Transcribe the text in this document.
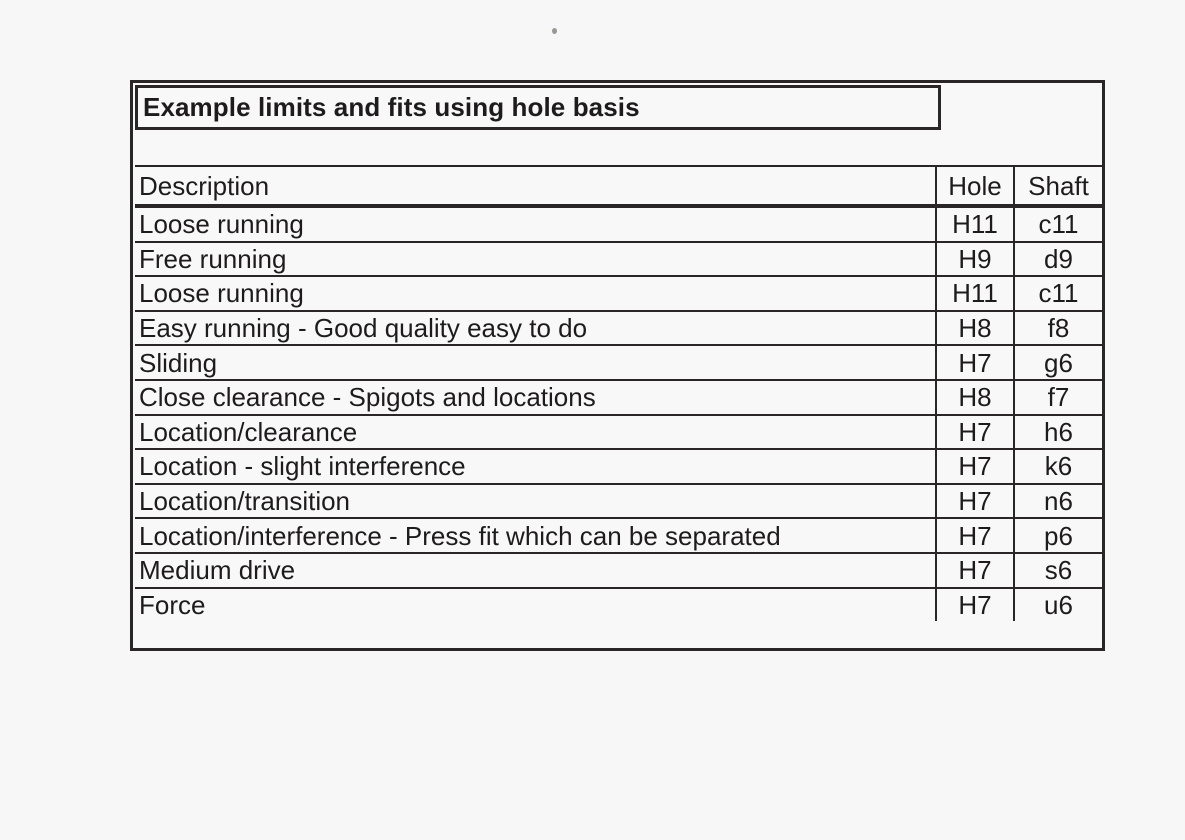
Example limits and fits using hole basis
Description	Hole	Shaft
Loose running	H11	c11
Free running	H9	d9
Loose running	H11	c11
Easy running - Good quality easy to do	H8	f8
Sliding	H7	g6
Close clearance - Spigots and locations	H8	f7
Location/clearance	H7	h6
Location - slight interference	H7	k6
Location/transition	H7	n6
Location/interference - Press fit which can be separated	H7	p6
Medium drive	H7	s6
Force	H7	u6
